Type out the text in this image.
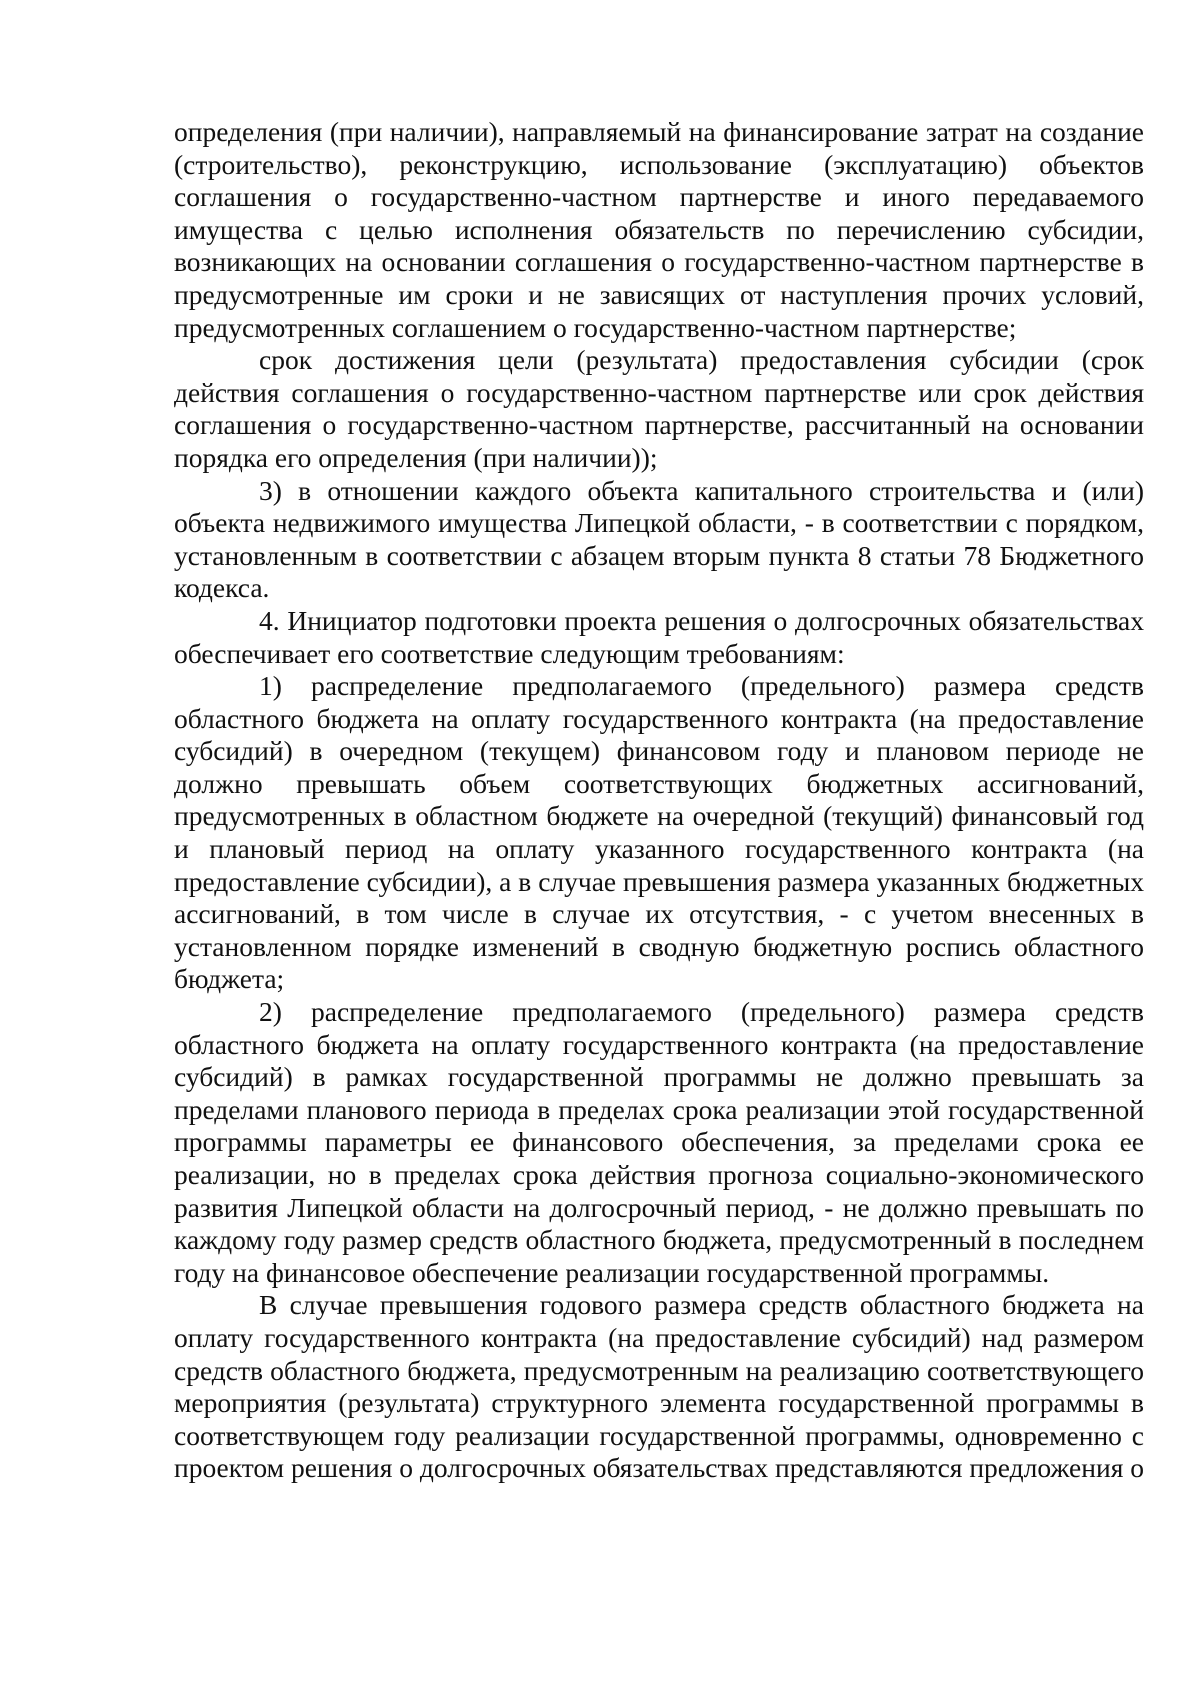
определения (при наличии), направляемый на финансирование затрат на создание (строительство), реконструкцию, использование (эксплуатацию) объектов соглашения о государственно-частном партнерстве и иного передаваемого имущества с целью исполнения обязательств по перечислению субсидии, возникающих на основании соглашения о государственно-частном партнерстве в предусмотренные им сроки и не зависящих от наступления прочих условий, предусмотренных соглашением о государственно-частном партнерстве;

срок достижения цели (результата) предоставления субсидии (срок действия соглашения о государственно-частном партнерстве или срок действия соглашения о государственно-частном партнерстве, рассчитанный на основании порядка его определения (при наличии));

3) в отношении каждого объекта капитального строительства и (или) объекта недвижимого имущества Липецкой области, - в соответствии с порядком, установленным в соответствии с абзацем вторым пункта 8 статьи 78 Бюджетного кодекса.

4. Инициатор подготовки проекта решения о долгосрочных обязательствах обеспечивает его соответствие следующим требованиям:

1) распределение предполагаемого (предельного) размера средств областного бюджета на оплату государственного контракта (на предоставление субсидий) в очередном (текущем) финансовом году и плановом периоде не должно превышать объем соответствующих бюджетных ассигнований, предусмотренных в областном бюджете на очередной (текущий) финансовый год и плановый период на оплату указанного государственного контракта (на предоставление субсидии), а в случае превышения размера указанных бюджетных ассигнований, в том числе в случае их отсутствия, - с учетом внесенных в установленном порядке изменений в сводную бюджетную роспись областного бюджета;

2) распределение предполагаемого (предельного) размера средств областного бюджета на оплату государственного контракта (на предоставление субсидий) в рамках государственной программы не должно превышать за пределами планового периода в пределах срока реализации этой государственной программы параметры ее финансового обеспечения, за пределами срока ее реализации, но в пределах срока действия прогноза социально-экономического развития Липецкой области на долгосрочный период, - не должно превышать по каждому году размер средств областного бюджета, предусмотренный в последнем году на финансовое обеспечение реализации государственной программы.

В случае превышения годового размера средств областного бюджета на оплату государственного контракта (на предоставление субсидий) над размером средств областного бюджета, предусмотренным на реализацию соответствующего мероприятия (результата) структурного элемента государственной программы в соответствующем году реализации государственной программы, одновременно с проектом решения о долгосрочных обязательствах представляются предложения о
